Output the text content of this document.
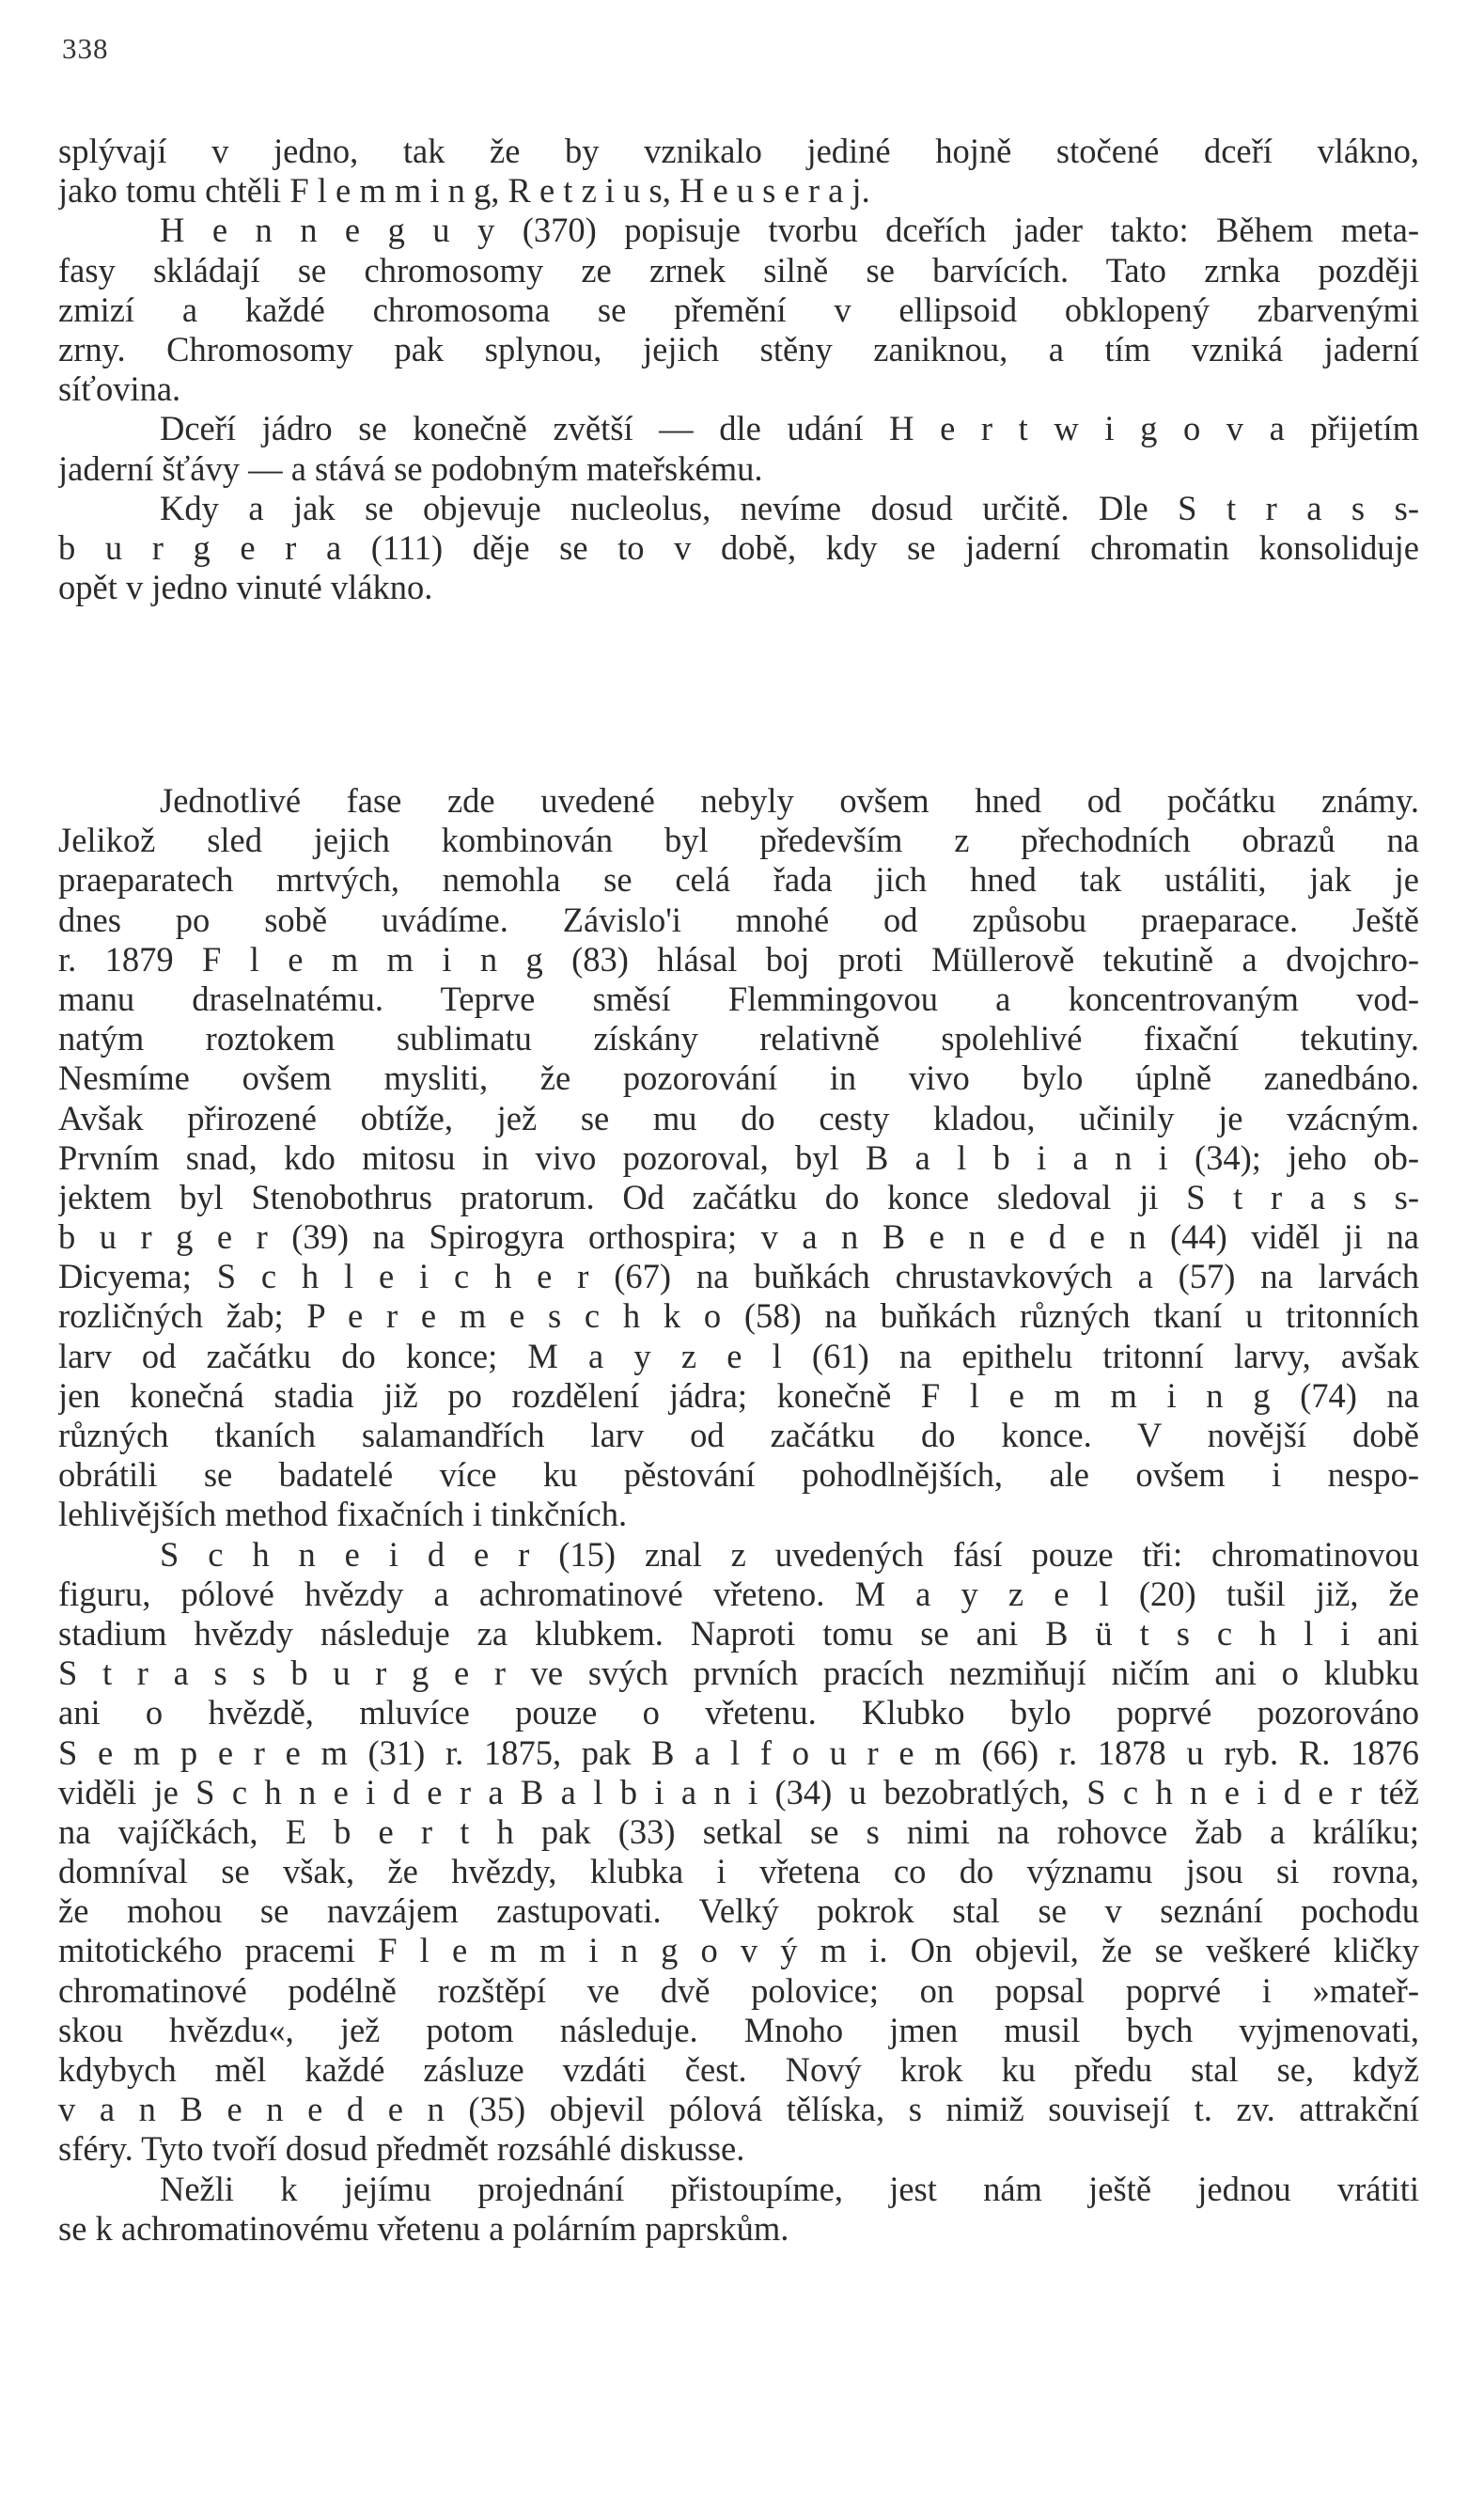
338
splývají v jedno, tak že by vznikalo jediné hojně stočené dceří vlákno,
jako tomu chtěli F l e m m i n g, R e t z i u s, H e u s e r a j.
H e n n e g u y (370) popisuje tvorbu dceřích jader takto: Během meta-
fasy skládají se chromosomy ze zrnek silně se barvících. Tato zrnka později
zmizí a každé chromosoma se přemění v ellipsoid obklopený zbarvenými
zrny. Chromosomy pak splynou, jejich stěny zaniknou, a tím vzniká jaderní
síťovina.
Dceří jádro se konečně zvětší — dle udání H e r t w i g o v a přijetím
jaderní šťávy — a stává se podobným mateřskému.
Kdy a jak se objevuje nucleolus, nevíme dosud určitě. Dle S t r a s s-
b u r g e r a (111) děje se to v době, kdy se jaderní chromatin konsoliduje
opět v jedno vinuté vlákno.
Jednotlivé fase zde uvedené nebyly ovšem hned od počátku známy.
Jelikož sled jejich kombinován byl především z přechodních obrazů na
praeparatech mrtvých, nemohla se celá řada jich hned tak ustáliti, jak je
dnes po sobě uvádíme. Závislo'i mnohé od způsobu praeparace. Ještě
r. 1879 F l e m m i n g (83) hlásal boj proti Müllerově tekutině a dvojchro-
manu draselnatému. Teprve směsí Flemmingovou a koncentrovaným vod-
natým roztokem sublimatu získány relativně spolehlivé fixační tekutiny.
Nesmíme ovšem mysliti, že pozorování in vivo bylo úplně zanedbáno.
Avšak přirozené obtíže, jež se mu do cesty kladou, učinily je vzácným.
Prvním snad, kdo mitosu in vivo pozoroval, byl B a l b i a n i (34); jeho ob-
jektem byl Stenobothrus pratorum. Od začátku do konce sledoval ji S t r a s s-
b u r g e r (39) na Spirogyra orthospira; v a n B e n e d e n (44) viděl ji na
Dicyema; S c h l e i c h e r (67) na buňkách chrustavkových a (57) na larvách
rozličných žab; P e r e m e s c h k o (58) na buňkách různých tkaní u tritonních
larv od začátku do konce; M a y z e l (61) na epithelu tritonní larvy, avšak
jen konečná stadia již po rozdělení jádra; konečně F l e m m i n g (74) na
různých tkaních salamandřích larv od začátku do konce. V novější době
obrátili se badatelé více ku pěstování pohodlnějších, ale ovšem i nespo-
lehlivějších method fixačních i tinkčních.
S c h n e i d e r (15) znal z uvedených fásí pouze tři: chromatinovou
figuru, pólové hvězdy a achromatinové vřeteno. M a y z e l (20) tušil již, že
stadium hvězdy následuje za klubkem. Naproti tomu se ani B ü t s c h l i ani
S t r a s s b u r g e r ve svých prvních pracích nezmiňují ničím ani o klubku
ani o hvězdě, mluvíce pouze o vřetenu. Klubko bylo poprvé pozorováno
S e m p e r e m (31) r. 1875, pak B a l f o u r e m (66) r. 1878 u ryb. R. 1876
viděli je S c h n e i d e r a B a l b i a n i (34) u bezobratlých, S c h n e i d e r též
na vajíčkách, E b e r t h pak (33) setkal se s nimi na rohovce žab a králíku;
domníval se však, že hvězdy, klubka i vřetena co do významu jsou si rovna,
že mohou se navzájem zastupovati. Velký pokrok stal se v seznání pochodu
mitotického pracemi F l e m m i n g o v ý m i. On objevil, že se veškeré kličky
chromatinové podélně rozštěpí ve dvě polovice; on popsal poprvé i »mateř-
skou hvězdu«, jež potom následuje. Mnoho jmen musil bych vyjmenovati,
kdybych měl každé zásluze vzdáti čest. Nový krok ku předu stal se, když
v a n B e n e d e n (35) objevil pólová tělíska, s nimiž souvisejí t. zv. attrakční
sféry. Tyto tvoří dosud předmět rozsáhlé diskusse.
Nežli k jejímu projednání přistoupíme, jest nám ještě jednou vrátiti
se k achromatinovému vřetenu a polárním paprskům.
